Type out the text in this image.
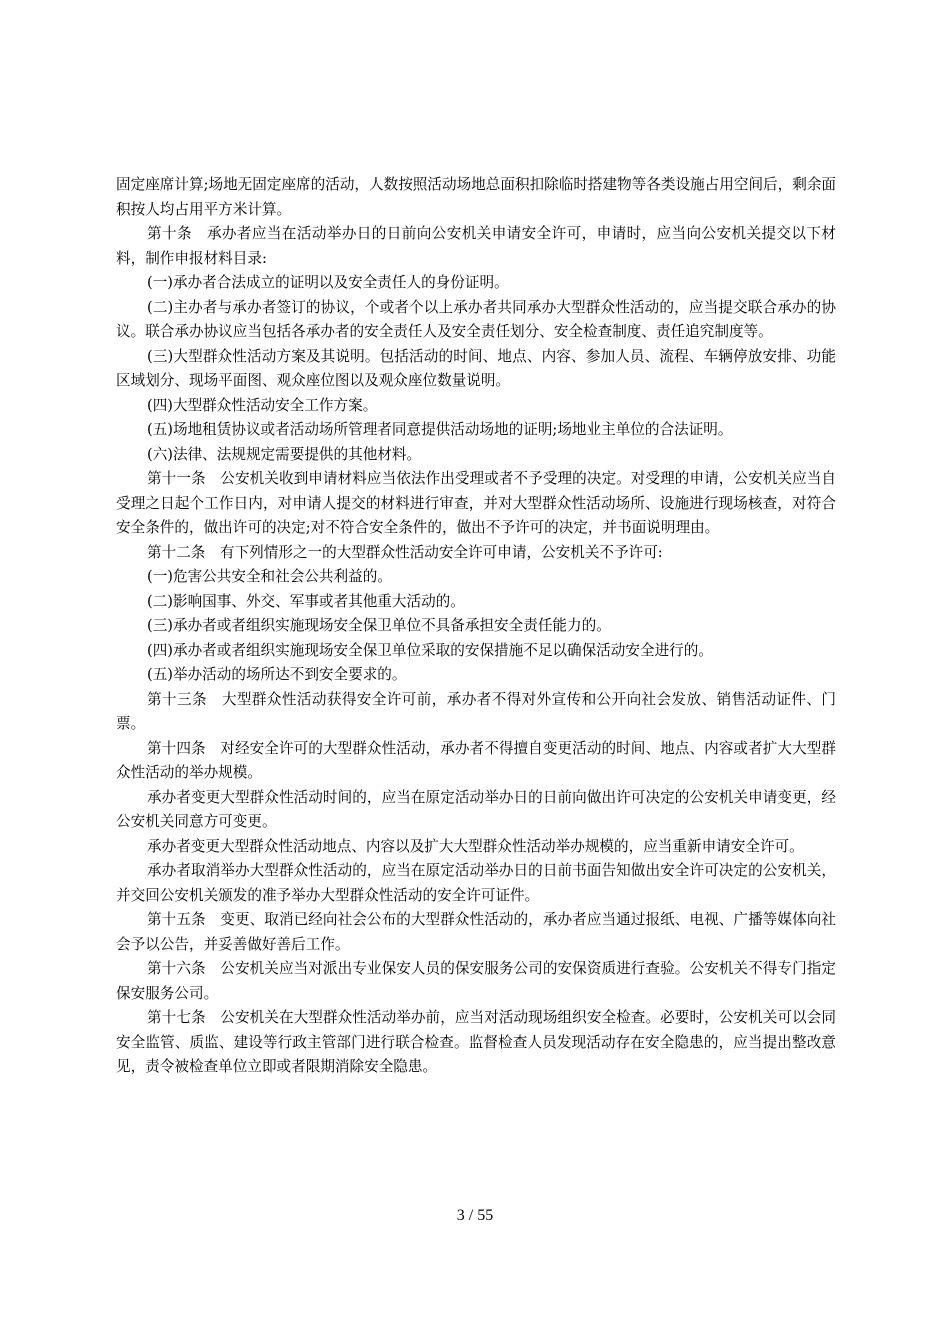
固定座席计算;场地无固定座席的活动，人数按照活动场地总面积扣除临时搭建物等各类设施占用空间后，剩余面积按人均占用平方米计算。

第十条　承办者应当在活动举办日的日前向公安机关申请安全许可，申请时，应当向公安机关提交以下材料，制作申报材料目录:

(一)承办者合法成立的证明以及安全责任人的身份证明。

(二)主办者与承办者签订的协议，个或者个以上承办者共同承办大型群众性活动的，应当提交联合承办的协议。联合承办协议应当包括各承办者的安全责任人及安全责任划分、安全检查制度、责任追究制度等。

(三)大型群众性活动方案及其说明。包括活动的时间、地点、内容、参加人员、流程、车辆停放安排、功能区域划分、现场平面图、观众座位图以及观众座位数量说明。

(四)大型群众性活动安全工作方案。

(五)场地租赁协议或者活动场所管理者同意提供活动场地的证明;场地业主单位的合法证明。

(六)法律、法规规定需要提供的其他材料。

第十一条　公安机关收到申请材料应当依法作出受理或者不予受理的决定。对受理的申请，公安机关应当自受理之日起个工作日内，对申请人提交的材料进行审查，并对大型群众性活动场所、设施进行现场核查，对符合安全条件的，做出许可的决定;对不符合安全条件的，做出不予许可的决定，并书面说明理由。

第十二条　有下列情形之一的大型群众性活动安全许可申请，公安机关不予许可:

(一)危害公共安全和社会公共利益的。

(二)影响国事、外交、军事或者其他重大活动的。

(三)承办者或者组织实施现场安全保卫单位不具备承担安全责任能力的。

(四)承办者或者组织实施现场安全保卫单位采取的安保措施不足以确保活动安全进行的。

(五)举办活动的场所达不到安全要求的。

第十三条　大型群众性活动获得安全许可前，承办者不得对外宣传和公开向社会发放、销售活动证件、门票。

第十四条　对经安全许可的大型群众性活动，承办者不得擅自变更活动的时间、地点、内容或者扩大大型群众性活动的举办规模。

承办者变更大型群众性活动时间的，应当在原定活动举办日的日前向做出许可决定的公安机关申请变更，经公安机关同意方可变更。

承办者变更大型群众性活动地点、内容以及扩大大型群众性活动举办规模的，应当重新申请安全许可。

承办者取消举办大型群众性活动的，应当在原定活动举办日的日前书面告知做出安全许可决定的公安机关，并交回公安机关颁发的准予举办大型群众性活动的安全许可证件。

第十五条　变更、取消已经向社会公布的大型群众性活动的，承办者应当通过报纸、电视、广播等媒体向社会予以公告，并妥善做好善后工作。

第十六条　公安机关应当对派出专业保安人员的保安服务公司的安保资质进行查验。公安机关不得专门指定保安服务公司。

第十七条　公安机关在大型群众性活动举办前，应当对活动现场组织安全检查。必要时，公安机关可以会同安全监管、质监、建设等行政主管部门进行联合检查。监督检查人员发现活动存在安全隐患的，应当提出整改意见，责令被检查单位立即或者限期消除安全隐患。

3 / 55
